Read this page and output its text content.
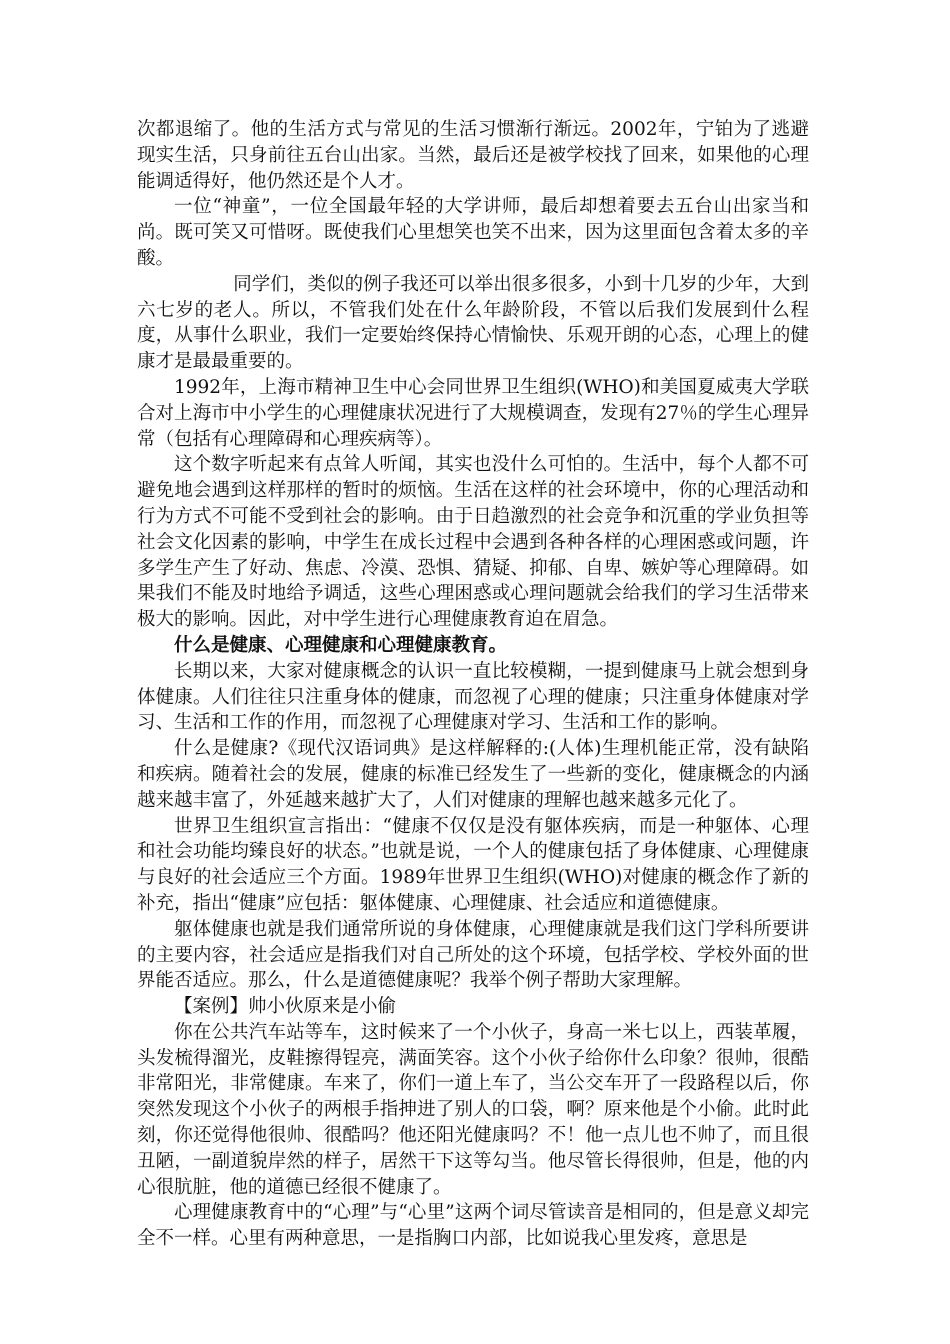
次都退缩了。他的生活方式与常见的生活习惯渐行渐远。2002年，宁铂为了逃避现实生活，只身前往五台山出家。当然，最后还是被学校找了回来，如果他的心理能调适得好，他仍然还是个人才。

一位“神童”，一位全国最年轻的大学讲师，最后却想着要去五台山出家当和尚。既可笑又可惜呀。既使我们心里想笑也笑不出来，因为这里面包含着太多的辛酸。

同学们，类似的例子我还可以举出很多很多，小到十几岁的少年，大到六七岁的老人。所以，不管我们处在什么年龄阶段，不管以后我们发展到什么程度，从事什么职业，我们一定要始终保持心情愉快、乐观开朗的心态，心理上的健康才是最最重要的。

1992年，上海市精神卫生中心会同世界卫生组织(WHO)和美国夏威夷大学联合对上海市中小学生的心理健康状况进行了大规模调查，发现有27％的学生心理异常（包括有心理障碍和心理疾病等）。

这个数字听起来有点耸人听闻，其实也没什么可怕的。生活中，每个人都不可避免地会遇到这样那样的暂时的烦恼。生活在这样的社会环境中，你的心理活动和行为方式不可能不受到社会的影响。由于日趋激烈的社会竞争和沉重的学业负担等社会文化因素的影响，中学生在成长过程中会遇到各种各样的心理困惑或问题，许多学生产生了好动、焦虑、冷漠、恐惧、猜疑、抑郁、自卑、嫉妒等心理障碍。如果我们不能及时地给予调适，这些心理困惑或心理问题就会给我们的学习生活带来极大的影响。因此，对中学生进行心理健康教育迫在眉急。

什么是健康、心理健康和心理健康教育。

长期以来，大家对健康概念的认识一直比较模糊，一提到健康马上就会想到身体健康。人们往往只注重身体的健康，而忽视了心理的健康；只注重身体健康对学习、生活和工作的作用，而忽视了心理健康对学习、生活和工作的影响。

什么是健康?《现代汉语词典》是这样解释的:(人体)生理机能正常，没有缺陷和疾病。随着社会的发展，健康的标准已经发生了一些新的变化，健康概念的内涵越来越丰富了，外延越来越扩大了，人们对健康的理解也越来越多元化了。

世界卫生组织宣言指出：“健康不仅仅是没有躯体疾病，而是一种躯体、心理和社会功能均臻良好的状态。”也就是说，一个人的健康包括了身体健康、心理健康与良好的社会适应三个方面。1989年世界卫生组织(WHO)对健康的概念作了新的补充，指出“健康”应包括：躯体健康、心理健康、社会适应和道德健康。

躯体健康也就是我们通常所说的身体健康，心理健康就是我们这门学科所要讲的主要内容，社会适应是指我们对自己所处的这个环境，包括学校、学校外面的世界能否适应。那么，什么是道德健康呢？我举个例子帮助大家理解。

【案例】帅小伙原来是小偷

你在公共汽车站等车，这时候来了一个小伙子，身高一米七以上，西装革履，头发梳得溜光，皮鞋擦得锃亮，满面笑容。这个小伙子给你什么印象？很帅，很酷非常阳光，非常健康。车来了，你们一道上车了，当公交车开了一段路程以后，你突然发现这个小伙子的两根手指抻进了别人的口袋，啊？原来他是个小偷。此时此刻，你还觉得他很帅、很酷吗？他还阳光健康吗？不！他一点儿也不帅了，而且很丑陋，一副道貌岸然的样子，居然干下这等勾当。他尽管长得很帅，但是，他的内心很肮脏，他的道德已经很不健康了。

心理健康教育中的“心理”与“心里”这两个词尽管读音是相同的，但是意义却完全不一样。心里有两种意思，一是指胸口内部，比如说我心里发疼，意思是
